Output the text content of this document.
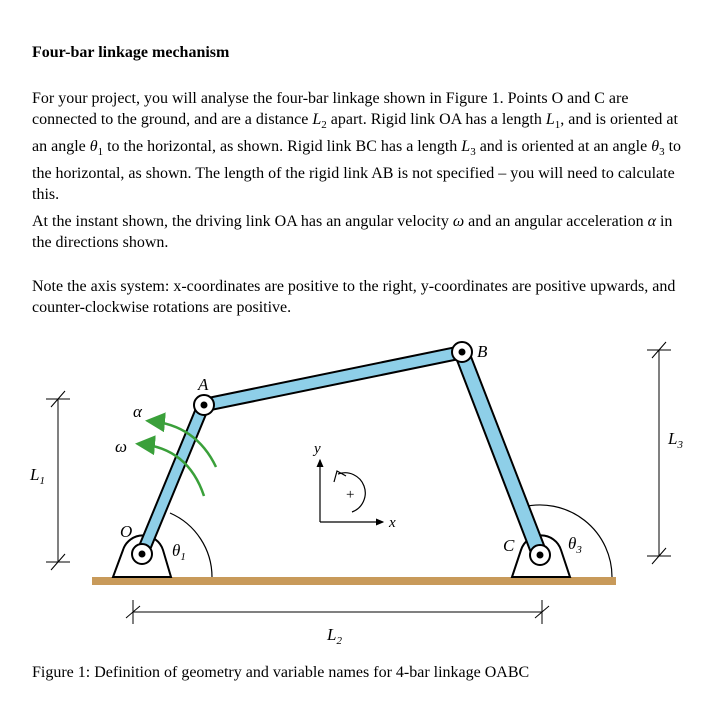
Four-bar linkage mechanism

For your project, you will analyse the four-bar linkage shown in Figure 1. Points O and C are connected to the ground, and are a distance $L_2$ apart. Rigid link OA has a length $L_1$, and is oriented at an angle $\theta_1$ to the horizontal, as shown. Rigid link BC has a length $L_3$ and is oriented at an angle $\theta_3$ to the horizontal, as shown. The length of the rigid link AB is not specified – you will need to calculate this.

At the instant shown, the driving link OA has an angular velocity ω and an angular acceleration α in the directions shown.

Note the axis system: x-coordinates are positive to the right, y-coordinates are positive upwards, and counter-clockwise rotations are positive.

O
A
B
C
α
ω
$\theta_1$
$\theta_3$
$L_1$
$L_2$
$L_3$
x
y
+
Figure 1: Definition of geometry and variable names for 4-bar linkage OABC
